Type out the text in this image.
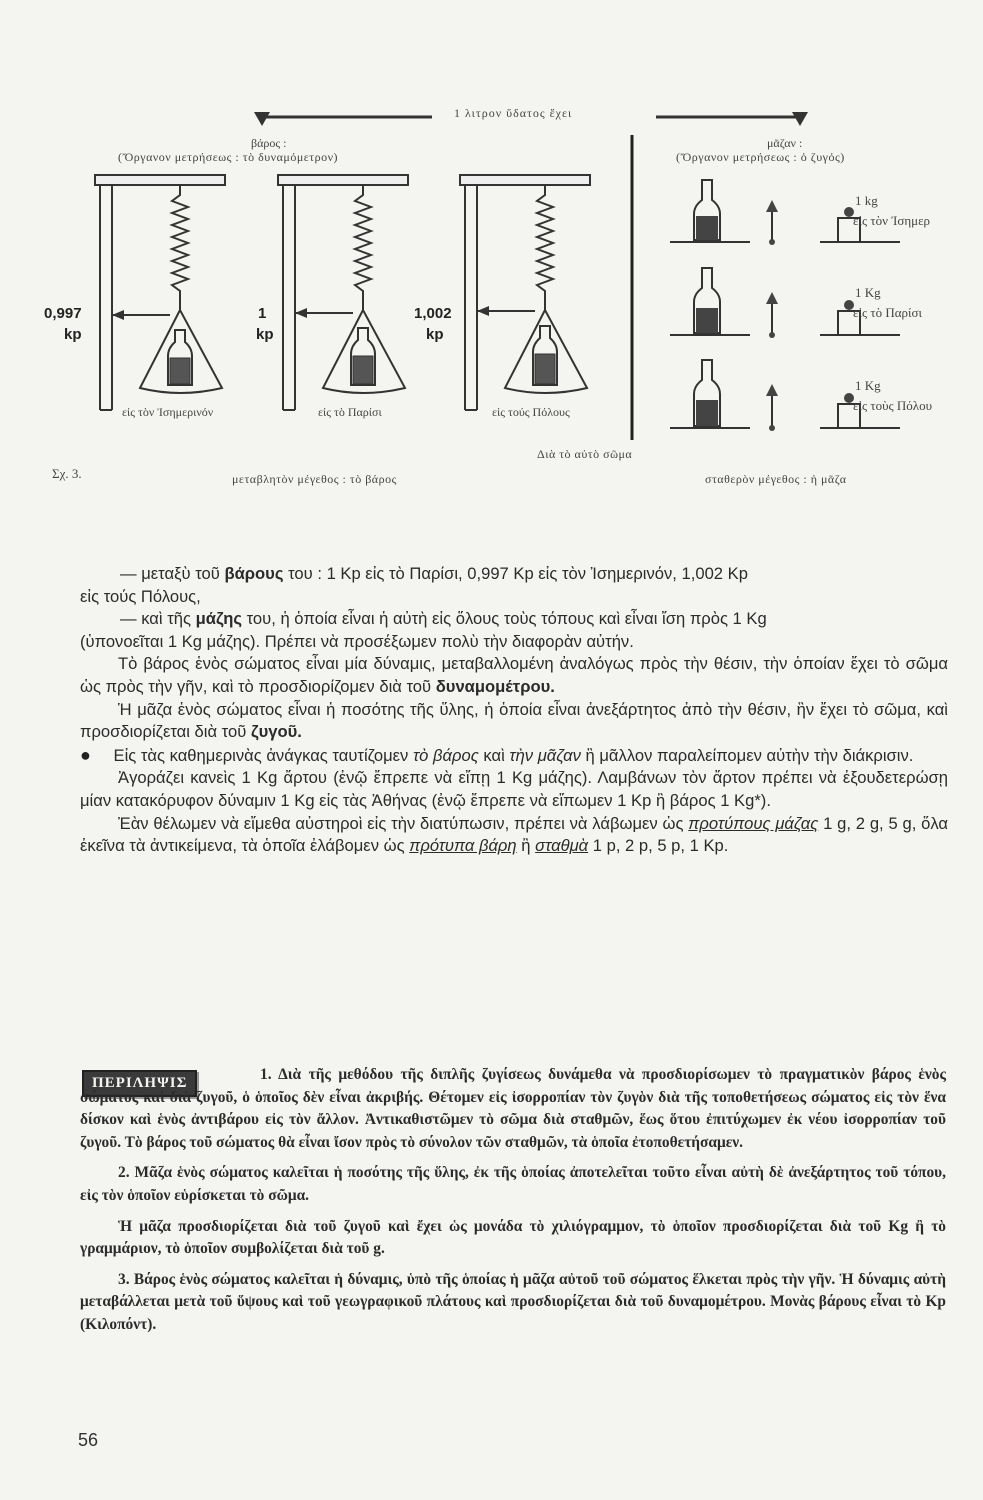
1 λιτρον ὕδατος ἔχει
βάρος :
(Ὄργανον μετρήσεως : τὸ δυναμόμετρον)
μᾶζαν :
(Ὄργανον μετρήσεως : ὁ ζυγός)
0,997
kp
1
kp
1,002
kp
εἰς τὸν Ἰσημερινόν	εἰς τὸ Παρίσι	εἰς τούς Πόλους
1 kg
εἰς τὸν Ἰσημερ
1 Kg
εἰς τὸ Παρίσι
1 Kg
εἰς τοὺς Πόλου
Σχ. 3.	μεταβλητὸν μέγεθος : τὸ βάρος
Διὰ τὸ αὐτὸ σῶμα
σταθερὸν μέγεθος : ἡ μᾶζα

— μεταξὺ τοῦ βάρους του : 1 Kp εἰς τὸ Παρίσι, 0,997 Kp εἰς τὸν Ἰσημερινόν, 1,002 Kp

εἰς τούς Πόλους,

— καὶ τῆς μάζης του, ἡ ὁποία εἶναι ἡ αὐτὴ εἰς ὅλους τοὺς τόπους καὶ εἶναι ἴση πρὸς 1 Kg

(ὑπονοεῖται 1 Kg μάζης). Πρέπει νὰ προσέξωμεν πολὺ τὴν διαφορὰν αὐτήν.

Τὸ βάρος ἑνὸς σώματος εἶναι μία δύναμις, μεταβαλλομένη ἀναλόγως πρὸς τὴν θέσιν, τὴν ὁποίαν ἔχει τὸ σῶμα ὡς πρὸς τὴν γῆν, καὶ τὸ προσδιορίζομεν διὰ τοῦ δυναμομέτρου.

Ἡ μᾶζα ἑνὸς σώματος εἶναι ἡ ποσότης τῆς ὕλης, ἡ ὁποία εἶναι ἀνεξάρτητος ἀπὸ τὴν θέσιν, ἣν ἔχει τὸ σῶμα, καὶ προσδιορίζεται διὰ τοῦ ζυγοῦ.

● Εἰς τὰς καθημερινὰς ἀνάγκας ταυτίζομεν τὸ βάρος καὶ τὴν μᾶζαν ἢ μᾶλλον παραλείπομεν αὐτὴν τὴν διάκρισιν.

Ἀγοράζει κανεὶς 1 Kg ἄρτου (ἐνῷ ἔπρεπε νὰ εἴπῃ 1 Kg μάζης). Λαμβάνων τὸν ἄρτον πρέπει νὰ ἐξουδετερώσῃ μίαν κατακόρυφον δύναμιν 1 Kg εἰς τὰς Ἀθήνας (ἐνῷ ἔπρεπε νὰ εἴπωμεν 1 Kp ἢ βάρος 1 Kg*).

Ἐὰν θέλωμεν νὰ εἴμεθα αὐστηροὶ εἰς τὴν διατύπωσιν, πρέπει νὰ λάβωμεν ὡς προτύπους μάζας 1 g, 2 g, 5 g, ὅλα ἐκεῖνα τὰ ἀντικείμενα, τὰ ὁποῖα ἐλάβομεν ὡς πρότυπα βάρη ἢ σταθμὰ 1 p, 2 p, 5 p, 1 Kp.

ΠΕΡΙΛΗΨΙΣ	1. Διὰ τῆς μεθόδου τῆς διπλῆς ζυγίσεως δυνάμεθα νὰ προσδιορίσωμεν τὸ πραγματικὸν βάρος ἑνὸς σώματος καὶ διὰ ζυγοῦ, ὁ ὁποῖος δὲν εἶναι ἀκριβής. Θέτομεν εἰς ἰσορροπίαν τὸν ζυγὸν διὰ τῆς τοποθετήσεως σώματος εἰς τὸν ἕνα δίσκον καὶ ἑνὸς ἀντιβάρου εἰς τὸν ἄλλον. Ἀντικαθιστῶμεν τὸ σῶμα διὰ σταθμῶν, ἕως ὅτου ἐπιτύχωμεν ἐκ νέου ἰσορροπίαν τοῦ ζυγοῦ. Τὸ βάρος τοῦ σώματος θὰ εἶναι ἴσον πρὸς τὸ σύνολον τῶν σταθμῶν, τὰ ὁποῖα ἐτοποθετήσαμεν.

2. Μᾶζα ἑνὸς σώματος καλεῖται ἡ ποσότης τῆς ὕλης, ἐκ τῆς ὁποίας ἀποτελεῖται τοῦτο εἶναι αὐτὴ δὲ ἀνεξάρτητος τοῦ τόπου, εἰς τὸν ὁποῖον εὑρίσκεται τὸ σῶμα.

Ἡ μᾶζα προσδιορίζεται διὰ τοῦ ζυγοῦ καὶ ἔχει ὡς μονάδα τὸ χιλιόγραμμον, τὸ ὁποῖον προσδιορίζεται διὰ τοῦ Kg ἢ τὸ γραμμάριον, τὸ ὁποῖον συμβολίζεται διὰ τοῦ g.

3. Βάρος ἑνὸς σώματος καλεῖται ἡ δύναμις, ὑπὸ τῆς ὁποίας ἡ μᾶζα αὐτοῦ τοῦ σώματος ἕλκεται πρὸς τὴν γῆν. Ἡ δύναμις αὐτὴ μεταβάλλεται μετὰ τοῦ ὕψους καὶ τοῦ γεωγραφικοῦ πλάτους καὶ προσδιορίζεται διὰ τοῦ δυναμομέτρου. Μονὰς βάρους εἶναι τὸ Kp (Κιλοπόντ).

56
